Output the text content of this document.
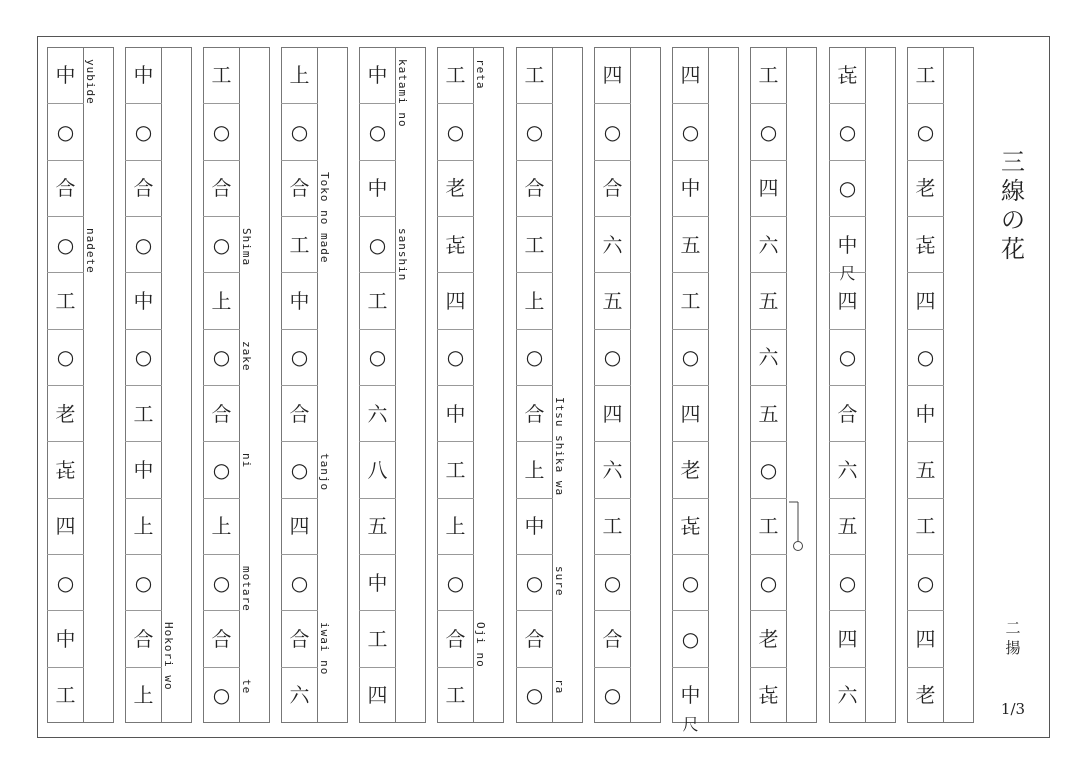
中
○
合
○
工
○
老
㐂
四
○
中
工
yubide
nadete
中
○
合
○
中
○
工
中
上
○
合
上
Hokori wo
工
○
合
○
上
○
合
○
上
○
合
○
Shima
zake
ni
motare
te
上
○
合
工
中
○
合
○
四
○
合
六
Toko no made
tanjo
iwai no
中
○
中
○
工
○
六
八
五
中
工
四
katami no
sanshin
工
○
老
㐂
四
○
中
工
上
○
合
工
reta
Oji no
工
○
合
工
上
○
合
上
中
○
合
○
Itsu shika wa
sure
ra
四
○
合
六
五
○
四
六
工
○
合
○
四
○
中
五
工
○
四
老
㐂
○
○
中
尺
工
○
四
六
五
六
五
○
工
○
老
㐂
㐂
○
○
中
四
○
合
六
五
○
四
六
尺
工
○
老
㐂
四
○
中
五
工
○
四
老
三
線
の
花
二
揚
1/3
